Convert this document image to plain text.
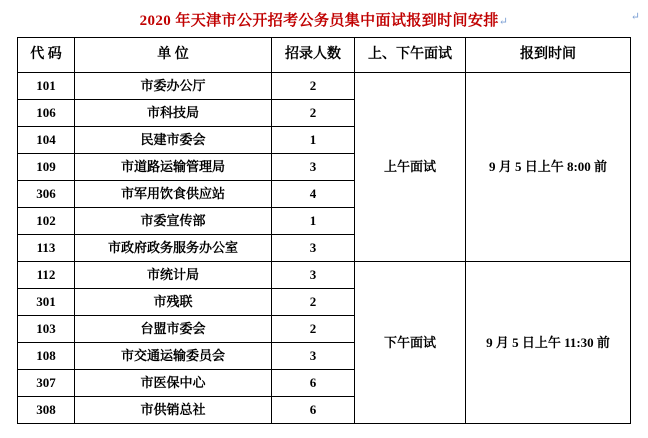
2020 年天津市公开招考公务员集中面试报到时间安排↵	↵
代 码	单 位	招录人数	上、下午面试	报到时间
101	市委办公厅	2	上午面试	9 月 5 日上午 8:00 前
106	市科技局	2		
104	民建市委会	1		
109	市道路运输管理局	3		
306	市军用饮食供应站	4		
102	市委宣传部	1		
113	市政府政务服务办公室	3		
112	市统计局	3	下午面试	9 月 5 日上午 11:30 前
301	市残联	2		
103	台盟市委会	2		
108	市交通运输委员会	3		
307	市医保中心	6		
308	市供销总社	6		
